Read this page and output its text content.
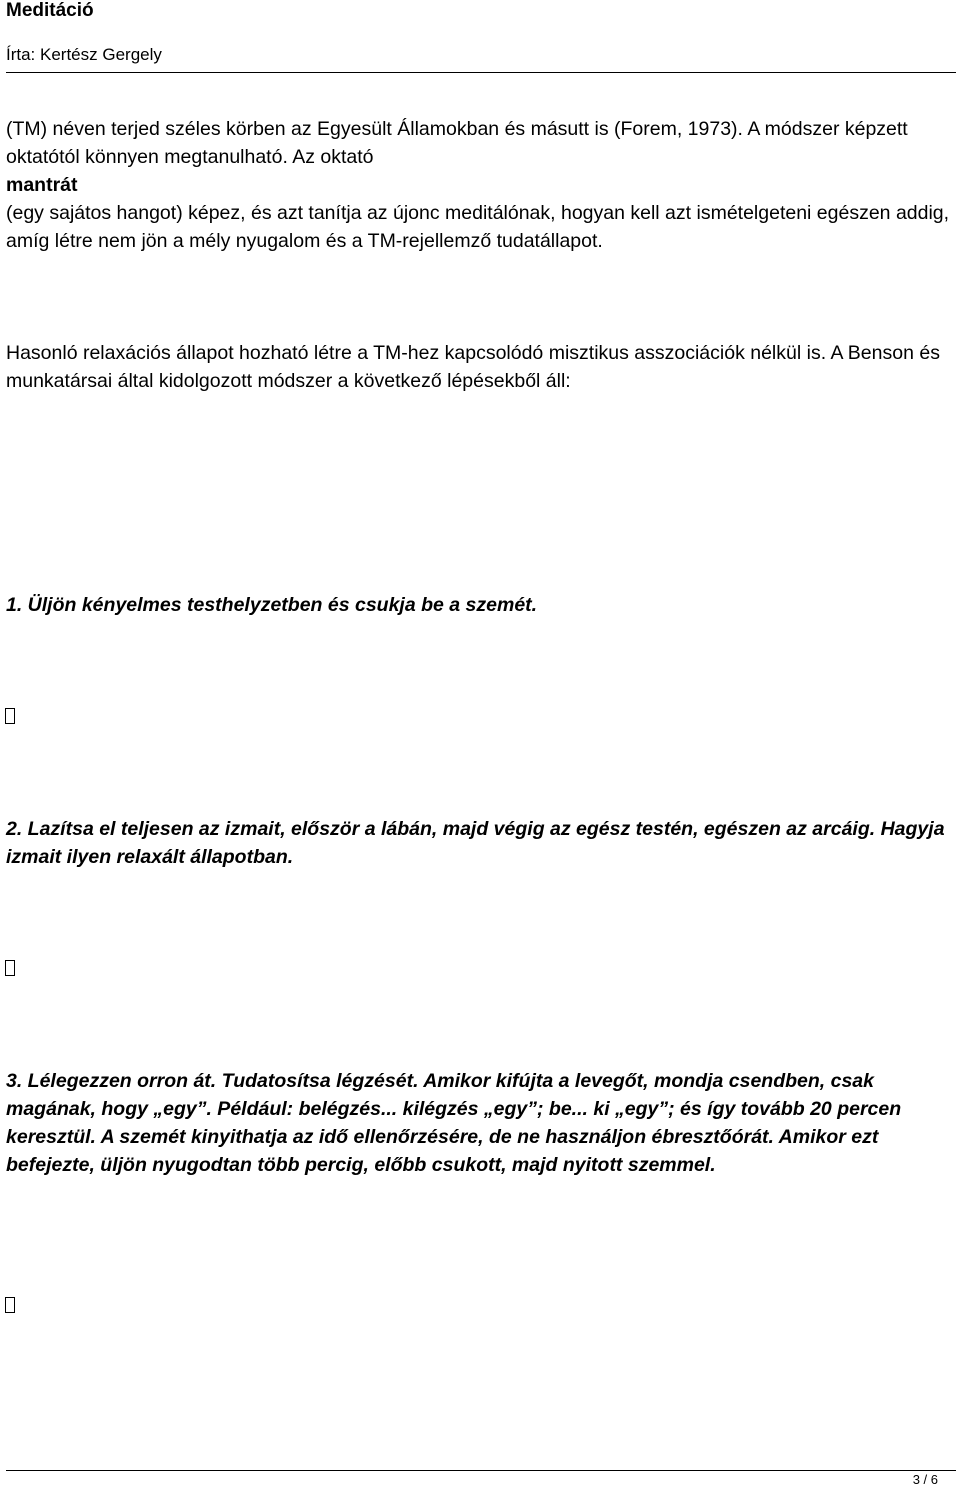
Meditáció
Írta: Kertész Gergely

(TM) néven terjed széles körben az Egyesült Államokban és másutt is (Forem, 1973). A módszer képzett oktatótól könnyen megtanulható. Az oktató
mantrát
(egy sajátos hangot) képez, és azt tanítja az újonc meditálónak, hogyan kell azt ismételgeteni egészen addig, amíg létre nem jön a mély nyugalom és a TM-rejellemző tudatállapot.

Hasonló relaxációs állapot hozható létre a TM-hez kapcsolódó misztikus asszociációk nélkül is. A Benson és munkatársai által kidolgozott módszer a következő lépésekből áll:

1. Üljön kényelmes testhelyzetben és csukja be a szemét.

2. Lazítsa el teljesen az izmait, először a lábán, majd végig az egész testén, egészen az arcáig. Hagyja izmait ilyen relaxált állapotban.

3. Lélegezzen orron át. Tudatosítsa légzését. Amikor kifújta a levegőt, mondja csendben, csak magának, hogy „egy”. Például: belégzés... kilégzés „egy”; be... ki „egy”; és így tovább 20 percen keresztül. A szemét kinyithatja az idő ellenőrzésére, de ne használjon ébresztőórát. Amikor ezt befejezte, üljön nyugodtan több percig, előbb csukott, majd nyitott szemmel.

3 / 6
